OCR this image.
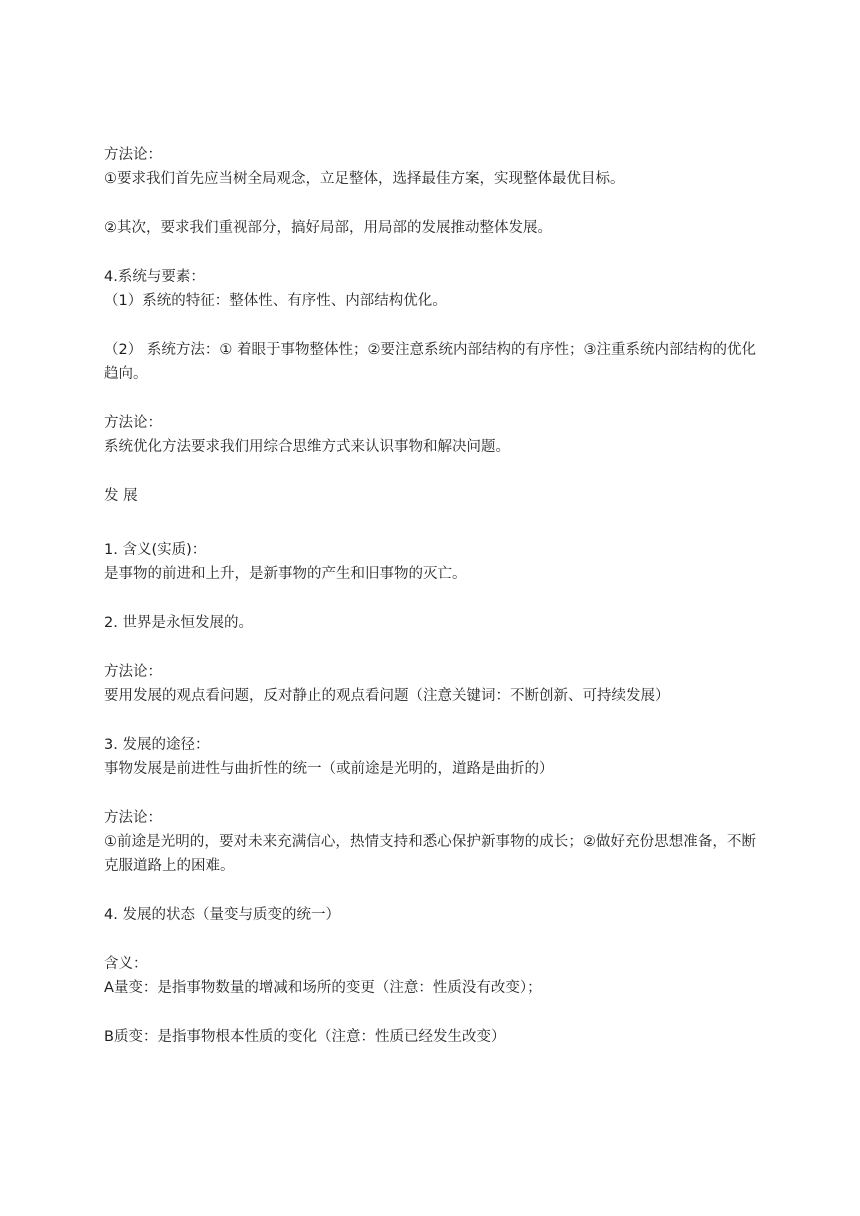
方法论：
①要求我们首先应当树全局观念，立足整体，选择最佳方案，实现整体最优目标。
②其次，要求我们重视部分，搞好局部，用局部的发展推动整体发展。
4.系统与要素：
（1）系统的特征：整体性、有序性、内部结构优化。
（2） 系统方法：① 着眼于事物整体性；②要注意系统内部结构的有序性；③注重系统内部结构的优化趋向。
方法论：
系统优化方法要求我们用综合思维方式来认识事物和解决问题。
发 展
1. 含义(实质)：
是事物的前进和上升，是新事物的产生和旧事物的灭亡。
2. 世界是永恒发展的。
方法论：
要用发展的观点看问题，反对静止的观点看问题（注意关键词：不断创新、可持续发展）
3. 发展的途径：
事物发展是前进性与曲折性的统一（或前途是光明的，道路是曲折的）
方法论：
①前途是光明的，要对未来充满信心，热情支持和悉心保护新事物的成长；②做好充份思想准备，不断克服道路上的困难。
4. 发展的状态（量变与质变的统一）
含义：
A量变：是指事物数量的增减和场所的变更（注意：性质没有改变）；
B质变：是指事物根本性质的变化（注意：性质已经发生改变）
